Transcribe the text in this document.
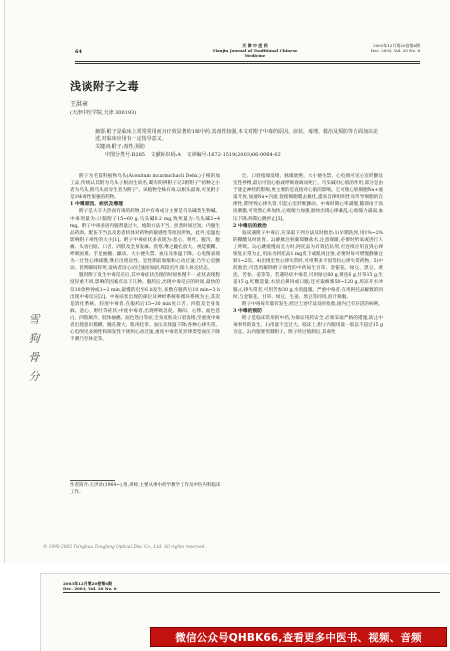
64
天 津 中 医 药
Tianjin Journal of Traditional Chinese Medicine
2003年12月第20卷第6期
Dec. 2003, Vol. 20 No. 6
浅谈附子之毒
王洪章
(天津中医学院,天津 300193)
摘要:附子是临床上常常常用而且疗效显著的1味中药,其毒性较强,本文对附子中毒的原因、症状、毒理、救治及预防等方面加以论述,对临床应用有一定指导意义。
关键词:附子;毒性;预防
中图分类号:R285 文献标识码:A 文章编号:1672-1519(2003)06-0064-02

附子为毛茛科植物乌头(Aconitum mcarmichacli Debx.)子根的加工品,传统认其附为乌头子根而生故名,蜀有明辨附子记3附附子"初种之小者为乌头,附乌头而旁生者为附子"。该植物全株有毒,以根头最毒,可见附子是1味毒性很强的药物。

1 中毒原因、症状及毒理

附子是大辛大热而有毒的药物,其中有毒成分主要是乌头碱类生物碱。中毒剂量为:口服附子15~60 g,乌头碱0.2 mg,致死量为:乌头碱2~4 mg。附子中毒多因内服剂量过大、炮制方法不当、煎煮时间过短、内服生品药酒、配伍不当以及患者机体对药物的敏感性等原因所致。此外,室温也影响附子毒性的大小[1]。附子中毒症状多表现为:恶心、呕吐、腹泻、腹痛、头昏目眩、口舌、四肢及全身发麻、畏寒,继之瞳孔放大、视觉模糊、呼吸困难、手足抽搐、躁动、大小便失禁、血压及体温下降。心电图表现为一过性心律减慢,继后出现房性、室性期前收缩和心动过速,乃至心室颤动、甚则瞬间猝死,发病者因心动过速而加剧,周段迟冷,阳人休克状态。

服用附子发生中毒反应后,其中毒症状出现的时间快慢不一,症状表现程度轻重不同,影响的因素有以下几种。服药后,出现中毒反应的时间,最快的仅10余秒钟或1~2 min,最慢的迟至6 h发生,多数在服药后10 min~3 h出现中毒反应[2]。中毒症状出现的部位及神经系统和循环系统为主,其次是消化系统。轻度中毒者,在服药后15~30 min见口舌、四肢及全身发麻、恶心、呕吐等症状;中度中毒者,出现呼吸急促、胸闷、心悸、面色苍白、四肢厥冷、肢体抽搐、面色苍白等症,全身皮肤及口唇发绀;至重度中毒者出现意识模糊、瞳孔散大、肌肉痉挛、血压及体温下降;各种心律失常。心电图见多源性和频发性不规则心动过速,重度中毒者见异律类型血压下降不测乃至休克等。

迂、口唇指端发绀、脉微欲绝、大小便失禁、心电图可见心室纤颤及室性停搏,最后可因心脏或呼吸衰竭而死亡。乌头碱对心肌的作用,部分是由于迷走神经的影响,更主要的是直接对心肌的影响。它可使心肌细胞Na+通道开放,加速Na+内流,促使细胞膜去极化,提高自律组织性及传导细胞的自律性,期导致心律失常,引起心室纤维颤动。中毒时期心率减慢,随即由于高度刺激,可突然心率加快,心收缩力加强,脉快出现心律紊乱,心收缩力减弱,血压下降,终期心跳停止[3]。

2 中毒后的救治

临床遇附子中毒后,应采取下列方法及时救治:1)早期洗胃,用1%~2%的鞣酸及时洗胃。2)静脉注射葡萄糖盐水,注意保暖,必要时给氧或进行人工呼吸。3)心跳缓慢而无力时,阿托品为有效拮抗剂,可连续应用直到心律恢复正常为止,用法为阿托品1 mg皮下或肌肉注射,必要时每可增慢静脉注射1~2次。4)出现室性心律失常时,可用利多卡因等抗心律失常药物。5)中药救治,可选用解除附子毒性的中药如生甘草、金银花、绿豆、黑豆、黄连、苦参、姜等等。若遇轻症中毒者,可用绿豆60 g,黄连6 g,甘草15 g,生姜15 g,红糖适量,水煎后鼻饲或口服;还可取蜂蜜50~120 g,用凉开水冲服;心律失常者,可用苦参30 g,水煎温服。严重中毒者,在用阿托品解救的同时,与金银花、甘草、绿豆、生姜、黑豆等同用,煎汁频服。

附子中毒每年都有发生,经过上述疗法及时抢救,国内已有存活的病例。

3 中毒的预防

附子是临床常用的中药,为保证用药安全,必须采取严格的措施,防止中毒事件的发生。1)用量不宜过大。临床上,附子内服用量一般以不超过15 g为宜。2)内服要用制附子。附子经过炮制后,其毒性

作者简介:王洪章(1964~),男,讲师,主要从事中药学教学工作及中医内科临床工作。
雪
狗
骨
分
© 1995-2005 Tsinghua Tongfang Optical Disc Co., Ltd. All rights reserved.
2003年12月第20卷第6期
Dec. 2003, Vol. 20 No. 6
微信公众号QHBK66,查看更多中医书、视频、音频
